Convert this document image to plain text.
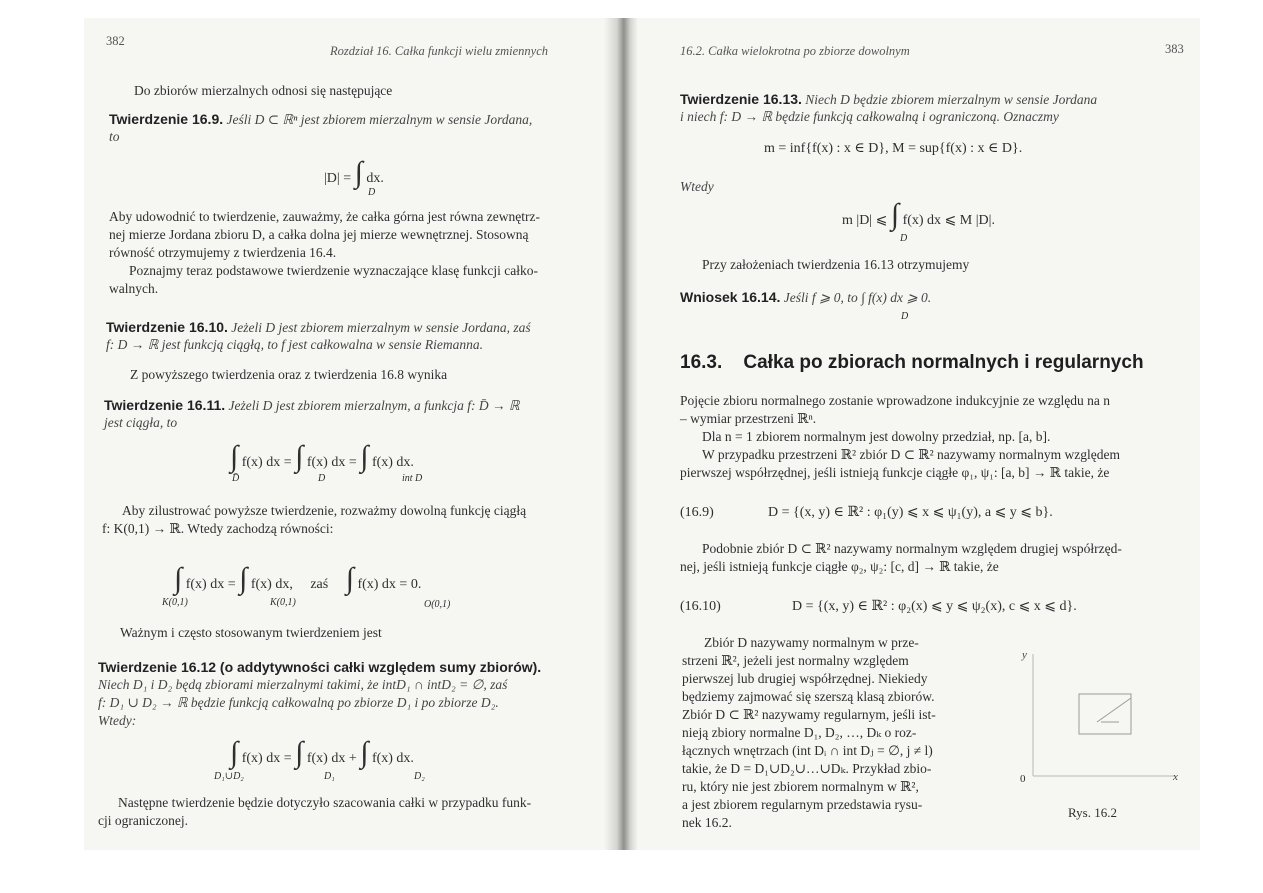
382
Rozdział 16. Całka funkcji wielu zmiennych
Do zbiorów mierzalnych odnosi się następujące
Twierdzenie 16.9. Jeśli D ⊂ ℝⁿ jest zbiorem mierzalnym w sensie Jordana,
to
|D| = ∫ dx.
D
Aby udowodnić to twierdzenie, zauważmy, że całka górna jest równa zewnętrz-
nej mierze Jordana zbioru D, a całka dolna jej mierze wewnętrznej. Stosowną
równość otrzymujemy z twierdzenia 16.4.
Poznajmy teraz podstawowe twierdzenie wyznaczające klasę funkcji całko-
walnych.
Twierdzenie 16.10. Jeżeli D jest zbiorem mierzalnym w sensie Jordana, zaś
f: D → ℝ jest funkcją ciągłą, to f jest całkowalna w sensie Riemanna.
Z powyższego twierdzenia oraz z twierdzenia 16.8 wynika
Twierdzenie 16.11. Jeżeli D jest zbiorem mierzalnym, a funkcja f: D̄ → ℝ
jest ciągła, to
∫ f(x) dx = ∫ f(x) dx = ∫ f(x) dx.
D̄	D	int D
Aby zilustrować powyższe twierdzenie, rozważmy dowolną funkcję ciągłą
f: K(0,1) → ℝ. Wtedy zachodzą równości:
∫ f(x) dx = ∫ f(x) dx, zaś ∫ f(x) dx = 0.
K(0,1)	K(0,1)	O(0,1)
Ważnym i często stosowanym twierdzeniem jest
Twierdzenie 16.12 (o addytywności całki względem sumy zbiorów).
Niech D₁ i D₂ będą zbiorami mierzalnymi takimi, że intD₁ ∩ intD₂ = ∅, zaś
f: D₁ ∪ D₂ → ℝ będzie funkcją całkowalną po zbiorze D₁ i po zbiorze D₂.
Wtedy:
∫ f(x) dx = ∫ f(x) dx + ∫ f(x) dx.
D₁∪D₂	D₁	D₂
Następne twierdzenie będzie dotyczyło szacowania całki w przypadku funk-
cji ograniczonej.
16.2. Całka wielokrotna po zbiorze dowolnym	383
Twierdzenie 16.13. Niech D będzie zbiorem mierzalnym w sensie Jordana
i niech f: D → ℝ będzie funkcją całkowalną i ograniczoną. Oznaczmy
m = inf{f(x) : x ∈ D}, M = sup{f(x) : x ∈ D}.
Wtedy
m |D| ⩽ ∫ f(x) dx ⩽ M |D|.
D
Przy założeniach twierdzenia 16.13 otrzymujemy
Wniosek 16.14. Jeśli f ⩾ 0, to ∫ f(x) dx ⩾ 0.
D
16.3. Całka po zbiorach normalnych i regularnych
Pojęcie zbioru normalnego zostanie wprowadzone indukcyjnie ze względu na n
– wymiar przestrzeni ℝⁿ.
Dla n = 1 zbiorem normalnym jest dowolny przedział, np. [a, b].
W przypadku przestrzeni ℝ² zbiór D ⊂ ℝ² nazywamy normalnym względem
pierwszej współrzędnej, jeśli istnieją funkcje ciągłe φ₁, ψ₁: [a, b] → ℝ takie, że
(16.9)	D = {(x, y) ∈ ℝ² : φ₁(y) ⩽ x ⩽ ψ₁(y), a ⩽ y ⩽ b}.
Podobnie zbiór D ⊂ ℝ² nazywamy normalnym względem drugiej współrzęd-
nej, jeśli istnieją funkcje ciągłe φ₂, ψ₂: [c, d] → ℝ takie, że
(16.10)	D = {(x, y) ∈ ℝ² : φ₂(x) ⩽ y ⩽ ψ₂(x), c ⩽ x ⩽ d}.
Zbiór D nazywamy normalnym w prze-
strzeni ℝ², jeżeli jest normalny względem
pierwszej lub drugiej współrzędnej. Niekiedy
będziemy zajmować się szerszą klasą zbiorów.
Zbiór D ⊂ ℝ² nazywamy regularnym, jeśli ist-
nieją zbiory normalne D₁, D₂, …, Dₖ o roz-
łącznych wnętrzach (int Dᵢ ∩ int Dⱼ = ∅, j ≠ l)
takie, że D = D₁∪D₂∪…∪Dₖ. Przykład zbio-
ru, który nie jest zbiorem normalnym w ℝ²,
a jest zbiorem regularnym przedstawia rysu-
nek 16.2.
y
x
0
Rys. 16.2
